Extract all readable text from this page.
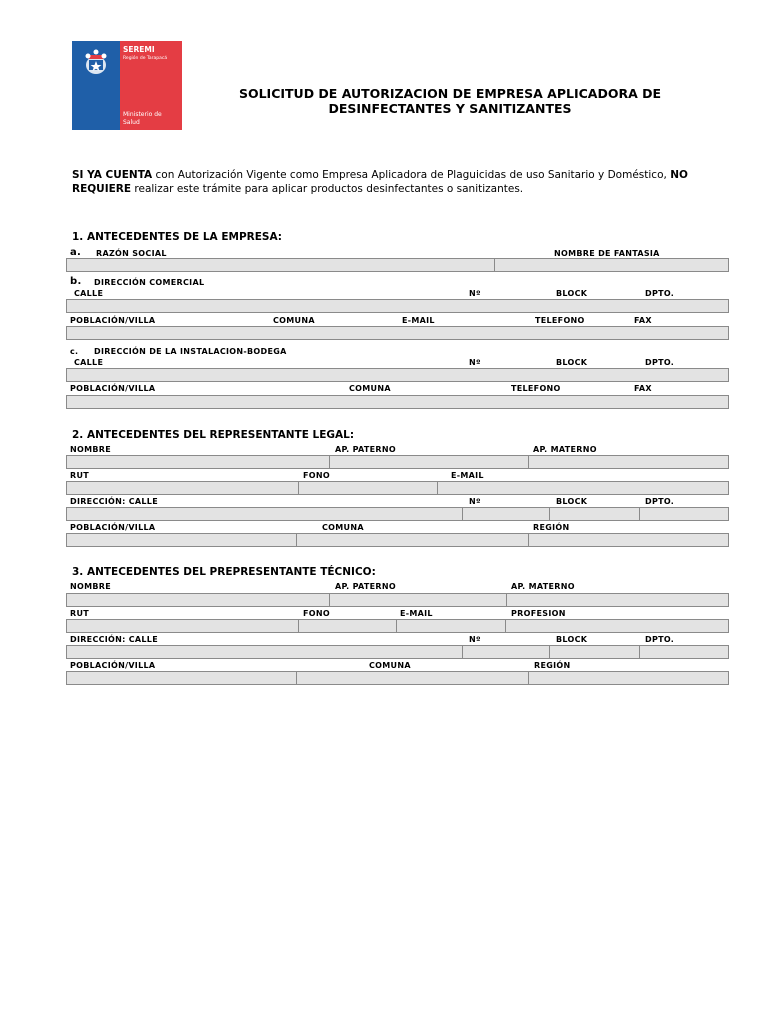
SEREMI
Región de Tarapacá
Ministerio de Salud
SOLICITUD DE AUTORIZACION DE EMPRESA APLICADORA DE
DESINFECTANTES Y SANITIZANTES
SI YA CUENTA con Autorización Vigente como Empresa Aplicadora de Plaguicidas de uso Sanitario y Doméstico, NO REQUIERE realizar este trámite para aplicar productos desinfectantes o sanitizantes.
1. ANTECEDENTES DE LA EMPRESA:
a. RAZÓN SOCIAL	NOMBRE DE FANTASIA
b. DIRECCIÓN COMERCIAL
CALLE	Nº	BLOCK	DPTO.
POBLACIÓN/VILLA	COMUNA	E-MAIL	TELEFONO	FAX
c. DIRECCIÓN DE LA INSTALACION-BODEGA
CALLE	Nº	BLOCK	DPTO.
POBLACIÓN/VILLA	COMUNA	TELEFONO	FAX
2. ANTECEDENTES DEL REPRESENTANTE LEGAL:
NOMBRE	AP. PATERNO	AP. MATERNO
RUT	FONO	E-MAIL
DIRECCIÓN: CALLE	Nº	BLOCK	DPTO.
POBLACIÓN/VILLA	COMUNA	REGIÓN
3. ANTECEDENTES DEL PREPRESENTANTE TÉCNICO:
NOMBRE	AP. PATERNO	AP. MATERNO
RUT	FONO	E-MAIL	PROFESION
DIRECCIÓN: CALLE	Nº	BLOCK	DPTO.
POBLACIÓN/VILLA	COMUNA	REGIÓN
